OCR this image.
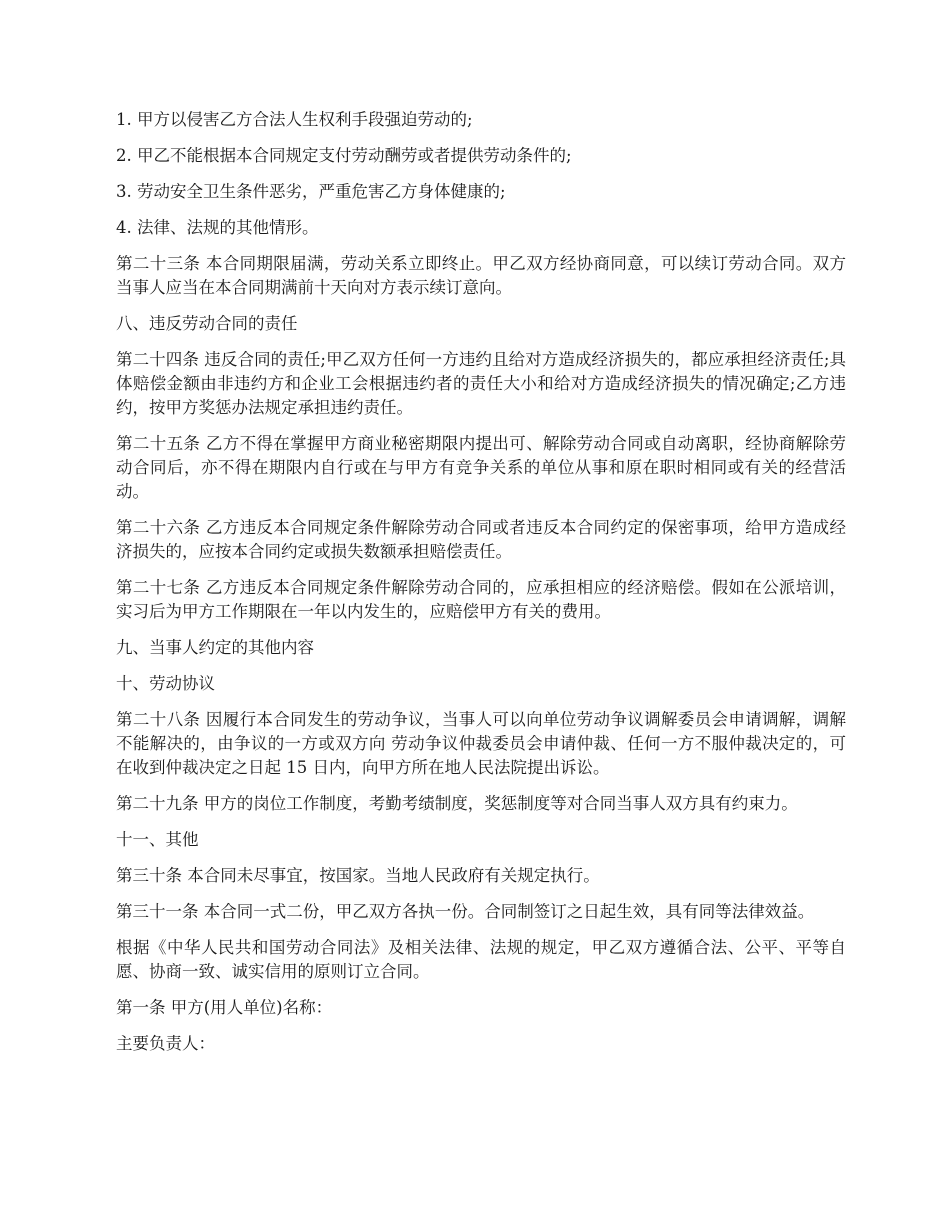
1. 甲方以侵害乙方合法人生权利手段强迫劳动的;

2. 甲乙不能根据本合同规定支付劳动酬劳或者提供劳动条件的;

3. 劳动安全卫生条件恶劣，严重危害乙方身体健康的;

4. 法律、法规的其他情形。

第二十三条 本合同期限届满，劳动关系立即终止。甲乙双方经协商同意，可以续订劳动合同。双方当事人应当在本合同期满前十天向对方表示续订意向。

八、违反劳动合同的责任

第二十四条 违反合同的责任;甲乙双方任何一方违约且给对方造成经济损失的，都应承担经济责任;具体赔偿金额由非违约方和企业工会根据违约者的责任大小和给对方造成经济损失的情况确定;乙方违约，按甲方奖惩办法规定承担违约责任。

第二十五条 乙方不得在掌握甲方商业秘密期限内提出可、解除劳动合同或自动离职，经协商解除劳动合同后，亦不得在期限内自行或在与甲方有竞争关系的单位从事和原在职时相同或有关的经营活动。

第二十六条 乙方违反本合同规定条件解除劳动合同或者违反本合同约定的保密事项，给甲方造成经济损失的，应按本合同约定或损失数额承担赔偿责任。

第二十七条 乙方违反本合同规定条件解除劳动合同的，应承担相应的经济赔偿。假如在公派培训，实习后为甲方工作期限在一年以内发生的，应赔偿甲方有关的费用。

九、当事人约定的其他内容

十、劳动协议

第二十八条 因履行本合同发生的劳动争议，当事人可以向单位劳动争议调解委员会申请调解，调解不能解决的，由争议的一方或双方向 劳动争议仲裁委员会申请仲裁、任何一方不服仲裁决定的，可在收到仲裁决定之日起 15 日内，向甲方所在地人民法院提出诉讼。

第二十九条 甲方的岗位工作制度，考勤考绩制度，奖惩制度等对合同当事人双方具有约束力。

十一、其他

第三十条 本合同未尽事宜，按国家。当地人民政府有关规定执行。

第三十一条 本合同一式二份，甲乙双方各执一份。合同制签订之日起生效，具有同等法律效益。

根据《中华人民共和国劳动合同法》及相关法律、法规的规定，甲乙双方遵循合法、公平、平等自愿、协商一致、诚实信用的原则订立合同。

第一条 甲方(用人单位)名称：

主要负责人：
